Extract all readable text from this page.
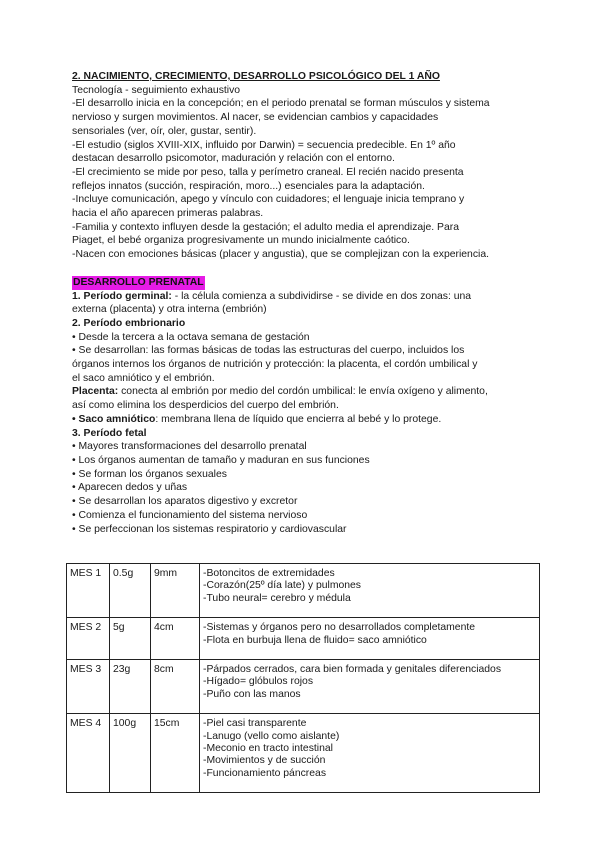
2. NACIMIENTO, CRECIMIENTO, DESARROLLO PSICOLÓGICO DEL 1 AÑO
Tecnología - seguimiento exhaustivo
-El desarrollo inicia en la concepción; en el periodo prenatal se forman músculos y sistema
nervioso y surgen movimientos. Al nacer, se evidencian cambios y capacidades
sensoriales (ver, oír, oler, gustar, sentir).
-El estudio (siglos XVIII-XIX, influido por Darwin) = secuencia predecible. En 1º año
destacan desarrollo psicomotor, maduración y relación con el entorno.
-El crecimiento se mide por peso, talla y perímetro craneal. El recién nacido presenta
reflejos innatos (succión, respiración, moro...) esenciales para la adaptación.
-Incluye comunicación, apego y vínculo con cuidadores; el lenguaje inicia temprano y
hacia el año aparecen primeras palabras.
-Familia y contexto influyen desde la gestación; el adulto media el aprendizaje. Para
Piaget, el bebé organiza progresivamente un mundo inicialmente caótico.
-Nacen con emociones básicas (placer y angustia), que se complejizan con la experiencia.
DESARROLLO PRENATAL
1. Período germinal: - la célula comienza a subdividirse - se divide en dos zonas: una
externa (placenta) y otra interna (embrión)
2. Período embrionario
• Desde la tercera a la octava semana de gestación
• Se desarrollan: las formas básicas de todas las estructuras del cuerpo, incluidos los
órganos internos los órganos de nutrición y protección: la placenta, el cordón umbilical y
el saco amniótico y el embrión.
Placenta: conecta al embrión por medio del cordón umbilical: le envía oxígeno y alimento,
así como elimina los desperdicios del cuerpo del embrión.
• Saco amniótico: membrana llena de líquido que encierra al bebé y lo protege.
3. Período fetal
• Mayores transformaciones del desarrollo prenatal
• Los órganos aumentan de tamaño y maduran en sus funciones
• Se forman los órganos sexuales
• Aparecen dedos y uñas
• Se desarrollan los aparatos digestivo y excretor
• Comienza el funcionamiento del sistema nervioso
• Se perfeccionan los sistemas respiratorio y cardiovascular
MES 1	0.5g	9mm	-Botoncitos de extremidades
-Corazón(25º día late) y pulmones
-Tubo neural= cerebro y médula

MES 2	5g	4cm	-Sistemas y órganos pero no desarrollados completamente
-Flota en burbuja llena de fluido= saco amniótico

MES 3	23g	8cm	-Párpados cerrados, cara bien formada y genitales diferenciados
-Hígado= glóbulos rojos
-Puño con las manos

MES 4	100g	15cm	-Piel casi transparente
-Lanugo (vello como aislante)
-Meconio en tracto intestinal
-Movimientos y de succión
-Funcionamiento páncreas
